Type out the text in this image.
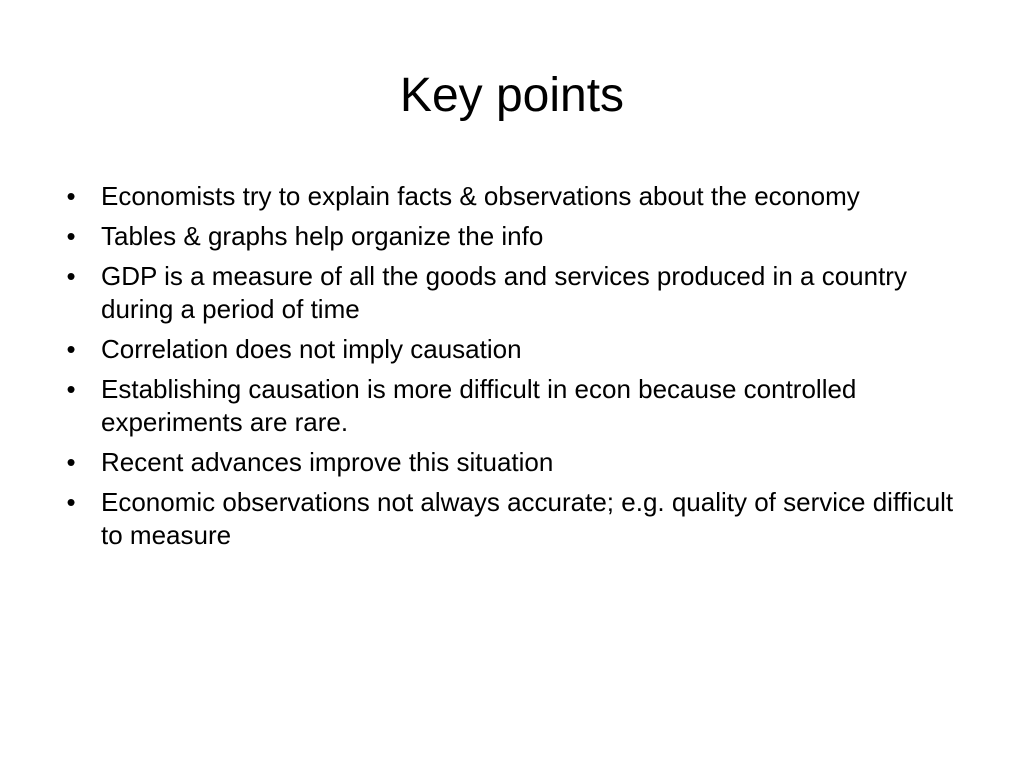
Key points
• Economists try to explain facts & observations about the economy
• Tables & graphs help organize the info
• GDP is a measure of all the goods and services produced in a country during a period of time
• Correlation does not imply causation
• Establishing causation is more difficult in econ because controlled experiments are rare.
• Recent advances improve this situation
• Economic observations not always accurate; e.g. quality of service difficult to measure
